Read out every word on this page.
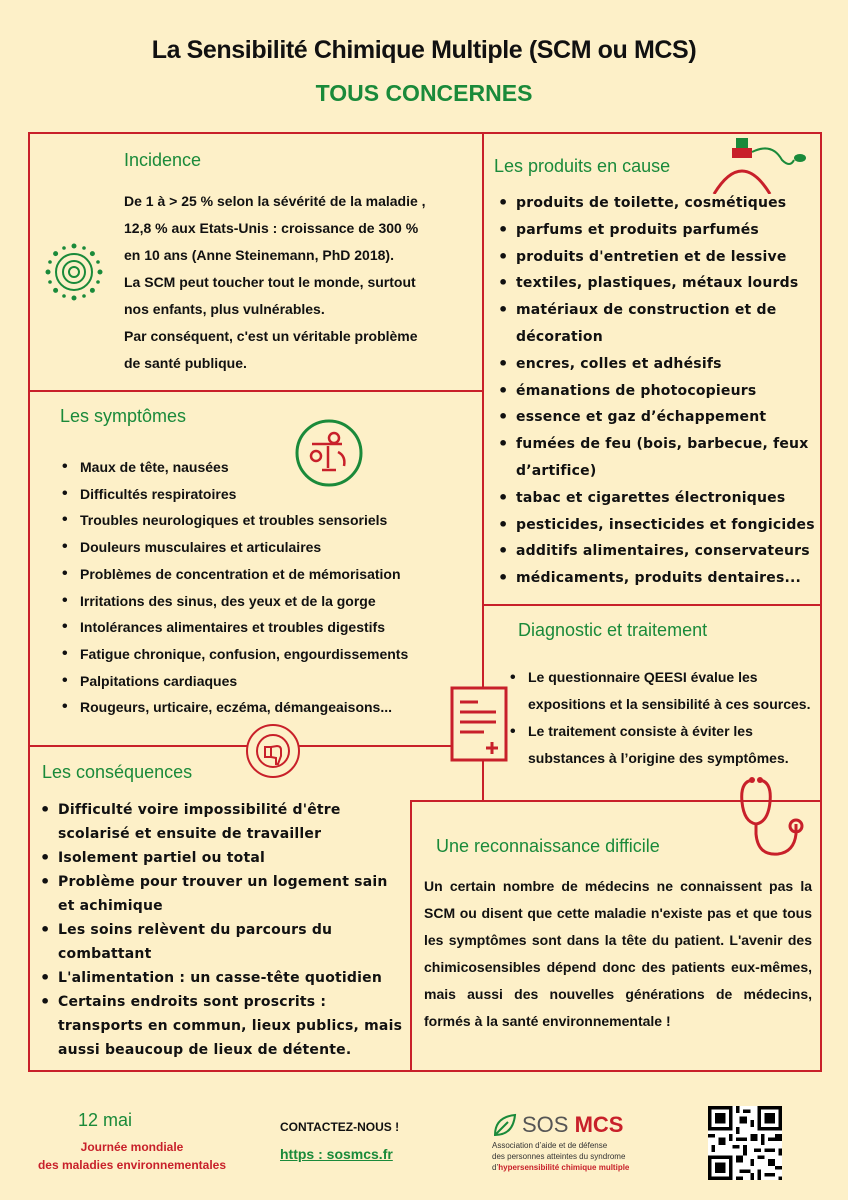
La Sensibilité Chimique Multiple (SCM ou MCS)
TOUS CONCERNES
Incidence
De 1 à > 25 % selon la sévérité de la maladie ,
12,8 % aux Etats-Unis : croissance de 300 %
en 10 ans (Anne Steinemann, PhD 2018).
La SCM peut toucher tout le monde, surtout
nos enfants, plus vulnérables.
Par conséquent, c'est un véritable problème
de santé publique.
Les produits en cause
• produits de toilette, cosmétiques
• parfums et produits parfumés
• produits d'entretien et de lessive
• textiles, plastiques, métaux lourds
• matériaux de construction et de décoration
• encres, colles et adhésifs
• émanations de photocopieurs
• essence et gaz d’échappement
• fumées de feu (bois, barbecue, feux d’artifice)
• tabac et cigarettes électroniques
• pesticides, insecticides et fongicides
• additifs alimentaires, conservateurs
• médicaments, produits dentaires...
Les symptômes
• Maux de tête, nausées
• Difficultés respiratoires
• Troubles neurologiques et troubles sensoriels
• Douleurs musculaires et articulaires
• Problèmes de concentration et de mémorisation
• Irritations des sinus, des yeux et de la gorge
• Intolérances alimentaires et troubles digestifs
• Fatigue chronique, confusion, engourdissements
• Palpitations cardiaques
• Rougeurs, urticaire, eczéma, démangeaisons...
Diagnostic et traitement
• Le questionnaire QEESI évalue les expositions et la sensibilité à ces sources.
• Le traitement consiste à éviter les substances à l’origine des symptômes.
Les conséquences
• Difficulté voire impossibilité d'être scolarisé et ensuite de travailler
• Isolement partiel ou total
• Problème pour trouver un logement sain et achimique
• Les soins relèvent du parcours du combattant
• L'alimentation : un casse-tête quotidien
• Certains endroits sont proscrits : transports en commun, lieux publics, mais aussi beaucoup de lieux de détente.
Une reconnaissance difficile
Un certain nombre de médecins ne connaissent pas la SCM ou disent que cette maladie n'existe pas et que tous les symptômes sont dans la tête du patient. L'avenir des chimicosensibles dépend donc des patients eux-mêmes, mais aussi des nouvelles générations de médecins, formés à la santé environnementale !
12 mai
Journée mondiale
des maladies environnementales
CONTACTEZ-NOUS !
https : sosmcs.fr
SOS MCS
Association d’aide et de défense
des personnes atteintes du syndrome
d’hypersensibilité chimique multiple
